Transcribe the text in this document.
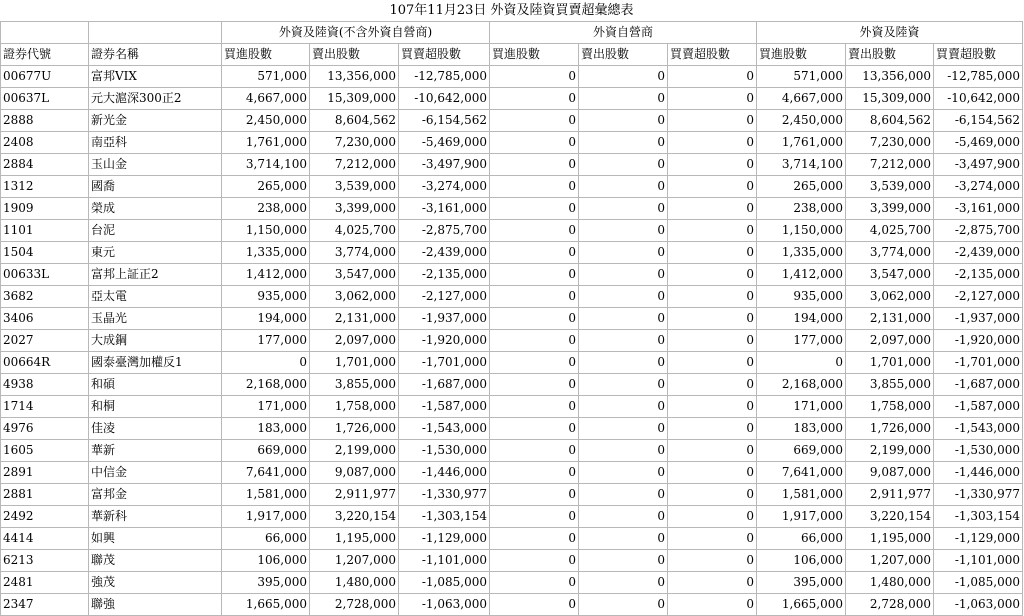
107年11月23日 外資及陸資買賣超彙總表										
		外資及陸資(不含外資自營商)			外資自營商			外資及陸資		
證券代號	證券名稱	買進股數	賣出股數	買賣超股數	買進股數	賣出股數	買賣超股數	買進股數	賣出股數	買賣超股數
00677U	富邦VIX	571,000	13,356,000	-12,785,000	0	0	0	571,000	13,356,000	-12,785,000
00637L	元大滬深300正2	4,667,000	15,309,000	-10,642,000	0	0	0	4,667,000	15,309,000	-10,642,000
2888	新光金	2,450,000	8,604,562	-6,154,562	0	0	0	2,450,000	8,604,562	-6,154,562
2408	南亞科	1,761,000	7,230,000	-5,469,000	0	0	0	1,761,000	7,230,000	-5,469,000
2884	玉山金	3,714,100	7,212,000	-3,497,900	0	0	0	3,714,100	7,212,000	-3,497,900
1312	國喬	265,000	3,539,000	-3,274,000	0	0	0	265,000	3,539,000	-3,274,000
1909	榮成	238,000	3,399,000	-3,161,000	0	0	0	238,000	3,399,000	-3,161,000
1101	台泥	1,150,000	4,025,700	-2,875,700	0	0	0	1,150,000	4,025,700	-2,875,700
1504	東元	1,335,000	3,774,000	-2,439,000	0	0	0	1,335,000	3,774,000	-2,439,000
00633L	富邦上証正2	1,412,000	3,547,000	-2,135,000	0	0	0	1,412,000	3,547,000	-2,135,000
3682	亞太電	935,000	3,062,000	-2,127,000	0	0	0	935,000	3,062,000	-2,127,000
3406	玉晶光	194,000	2,131,000	-1,937,000	0	0	0	194,000	2,131,000	-1,937,000
2027	大成鋼	177,000	2,097,000	-1,920,000	0	0	0	177,000	2,097,000	-1,920,000
00664R	國泰臺灣加權反1	0	1,701,000	-1,701,000	0	0	0	0	1,701,000	-1,701,000
4938	和碩	2,168,000	3,855,000	-1,687,000	0	0	0	2,168,000	3,855,000	-1,687,000
1714	和桐	171,000	1,758,000	-1,587,000	0	0	0	171,000	1,758,000	-1,587,000
4976	佳凌	183,000	1,726,000	-1,543,000	0	0	0	183,000	1,726,000	-1,543,000
1605	華新	669,000	2,199,000	-1,530,000	0	0	0	669,000	2,199,000	-1,530,000
2891	中信金	7,641,000	9,087,000	-1,446,000	0	0	0	7,641,000	9,087,000	-1,446,000
2881	富邦金	1,581,000	2,911,977	-1,330,977	0	0	0	1,581,000	2,911,977	-1,330,977
2492	華新科	1,917,000	3,220,154	-1,303,154	0	0	0	1,917,000	3,220,154	-1,303,154
4414	如興	66,000	1,195,000	-1,129,000	0	0	0	66,000	1,195,000	-1,129,000
6213	聯茂	106,000	1,207,000	-1,101,000	0	0	0	106,000	1,207,000	-1,101,000
2481	強茂	395,000	1,480,000	-1,085,000	0	0	0	395,000	1,480,000	-1,085,000
2347	聯強	1,665,000	2,728,000	-1,063,000	0	0	0	1,665,000	2,728,000	-1,063,000
